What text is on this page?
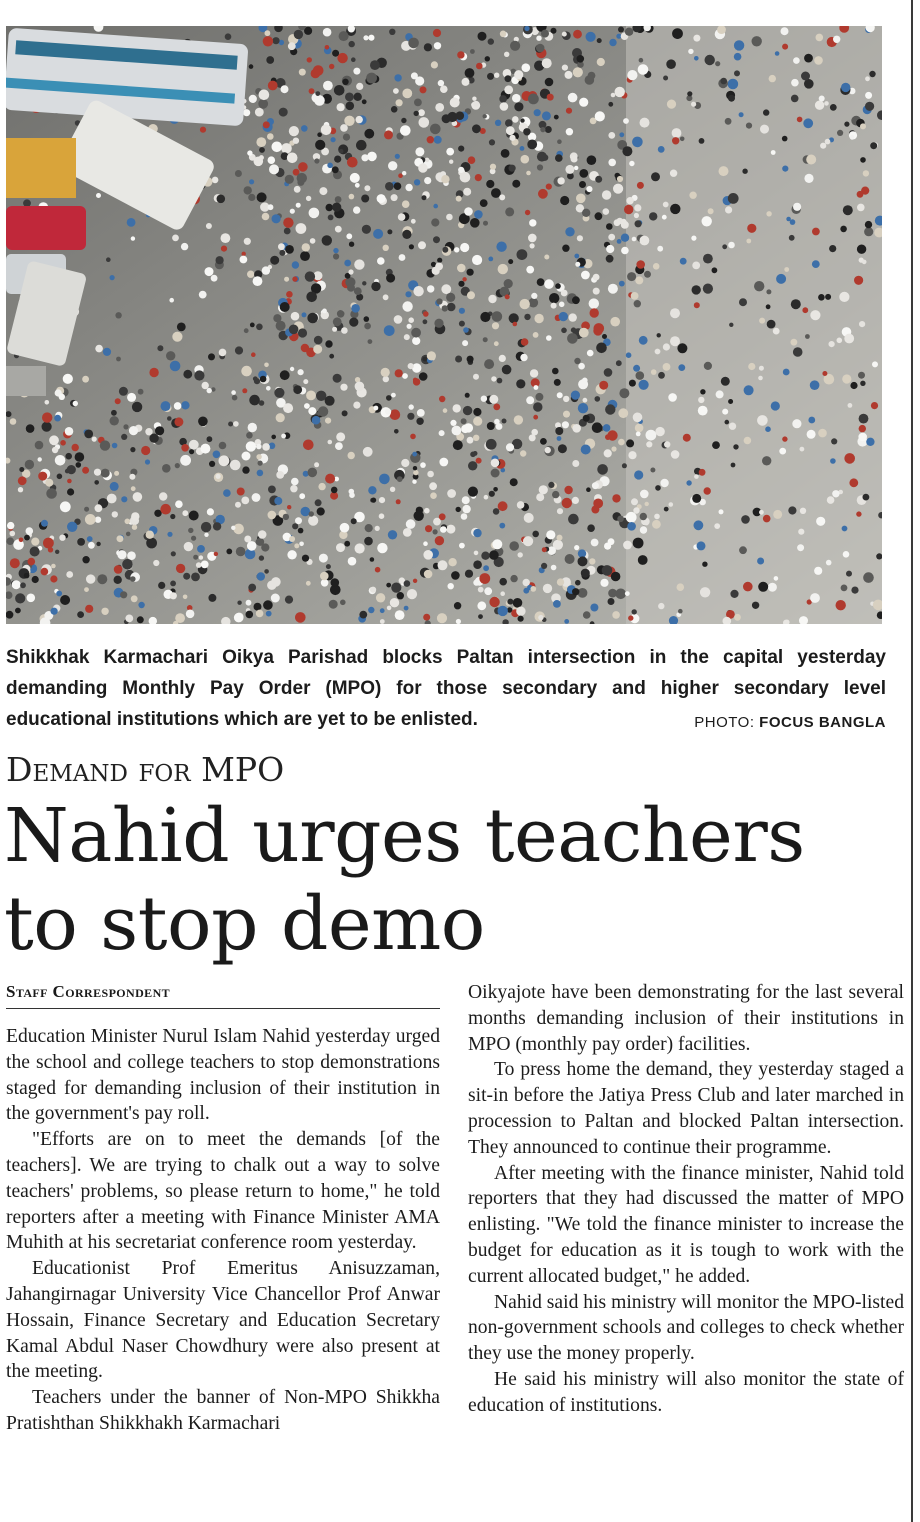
Shikkhak Karmachari Oikya Parishad blocks Paltan intersection in the capital yesterday demanding Monthly Pay Order (MPO) for those secondary and higher secondary level educational institutions which are yet to be enlisted.	PHOTO: FOCUS BANGLA
Demand for MPO
Nahid urges teachers
to stop demo
Staff Correspondent

Education Minister Nurul Islam Nahid yesterday urged the school and college teachers to stop demonstrations staged for demanding inclusion of their institution in the government's pay roll.

"Efforts are on to meet the demands [of the teachers]. We are trying to chalk out a way to solve teachers' problems, so please return to home," he told reporters after a meeting with Finance Minister AMA Muhith at his secretariat conference room yesterday.

Educationist Prof Emeritus Anisuzzaman, Jahangirnagar University Vice Chancellor Prof Anwar Hossain, Finance Secretary and Education Secretary Kamal Abdul Naser Chowdhury were also present at the meeting.

Teachers under the banner of Non-MPO Shikkha Pratishthan Shikkhakh Karmachari

Oikyajote have been demonstrating for the last several months demanding inclusion of their institutions in MPO (monthly pay order) facilities.

To press home the demand, they yesterday staged a sit-in before the Jatiya Press Club and later marched in procession to Paltan and blocked Paltan intersection. They announced to continue their programme.

After meeting with the finance minister, Nahid told reporters that they had discussed the matter of MPO enlisting. "We told the finance minister to increase the budget for education as it is tough to work with the current allocated budget," he added.

Nahid said his ministry will monitor the MPO-listed non-government schools and colleges to check whether they use the money properly.

He said his ministry will also monitor the state of education of institutions.
